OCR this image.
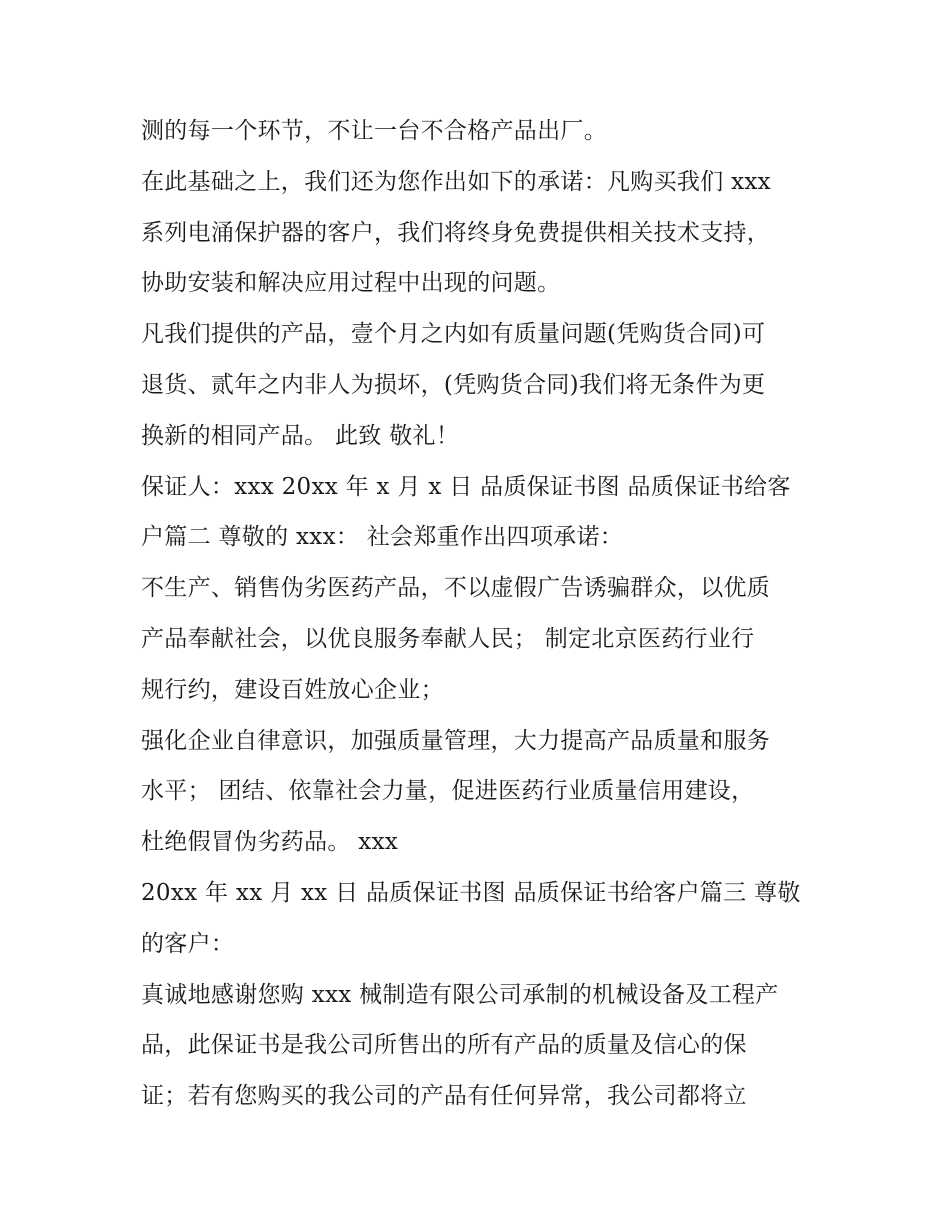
测的每一个环节，不让一台不合格产品出厂。
在此基础之上，我们还为您作出如下的承诺：凡购买我们 xxx
系列电涌保护器的客户，我们将终身免费提供相关技术支持，
协助安装和解决应用过程中出现的问题。
凡我们提供的产品，壹个月之内如有质量问题(凭购货合同)可
退货、贰年之内非人为损坏，(凭购货合同)我们将无条件为更
换新的相同产品。 此致 敬礼！
保证人：xxx 20xx 年 x 月 x 日 品质保证书图 品质保证书给客
户篇二 尊敬的 xxx： 社会郑重作出四项承诺：
不生产、销售伪劣医药产品，不以虚假广告诱骗群众，以优质
产品奉献社会，以优良服务奉献人民； 制定北京医药行业行
规行约，建设百姓放心企业；
强化企业自律意识，加强质量管理，大力提高产品质量和服务
水平； 团结、依靠社会力量，促进医药行业质量信用建设，
杜绝假冒伪劣药品。 xxx
20xx 年 xx 月 xx 日 品质保证书图 品质保证书给客户篇三 尊敬
的客户：
真诚地感谢您购 xxx 械制造有限公司承制的机械设备及工程产
品，此保证书是我公司所售出的所有产品的质量及信心的保
证；若有您购买的我公司的产品有任何异常，我公司都将立
